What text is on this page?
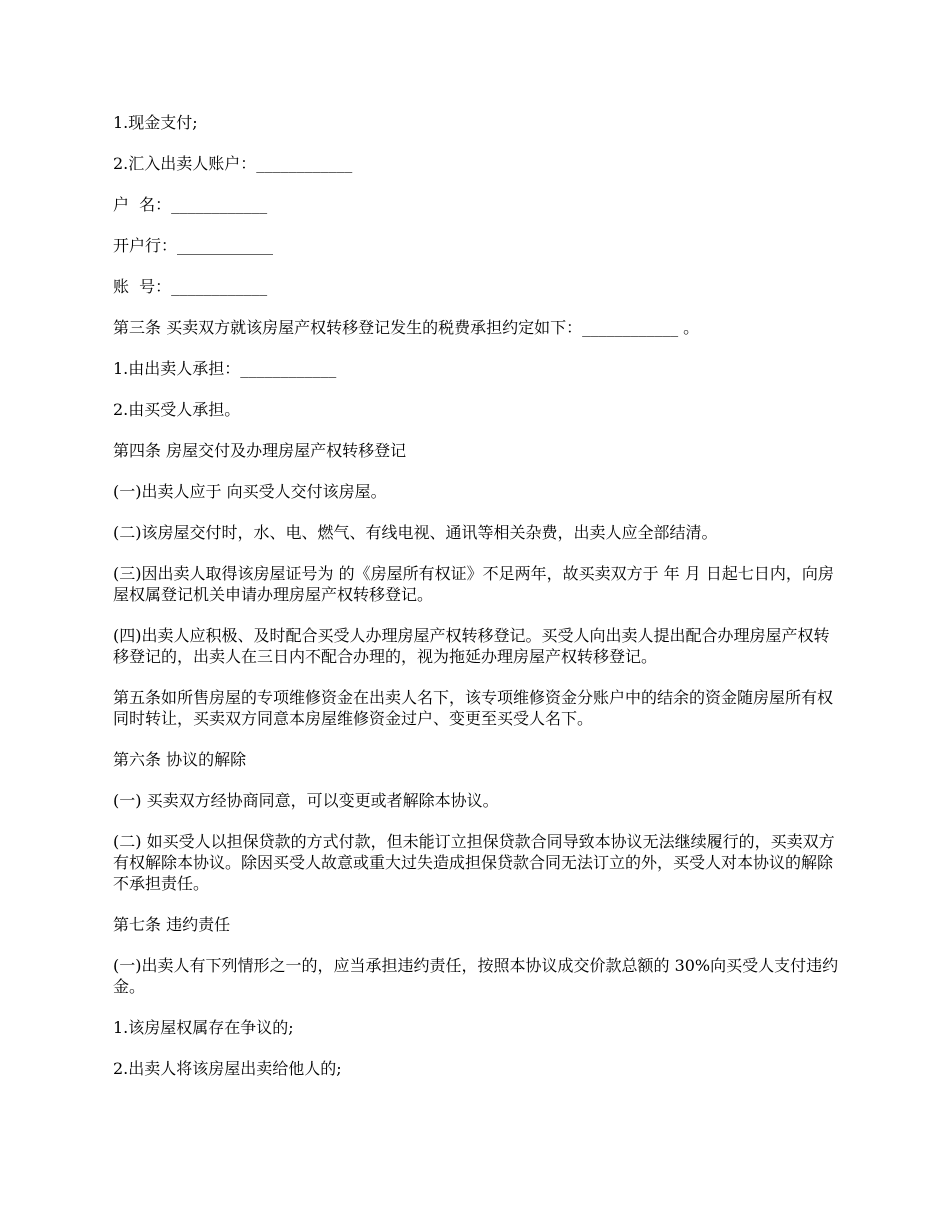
1.现金支付;

2.汇入出卖人账户：____________

户  名：____________

开户行：____________

账  号：____________

第三条 买卖双方就该房屋产权转移登记发生的税费承担约定如下：____________ 。

1.由出卖人承担：____________

2.由买受人承担。

第四条 房屋交付及办理房屋产权转移登记

(一)出卖人应于 向买受人交付该房屋。

(二)该房屋交付时，水、电、燃气、有线电视、通讯等相关杂费，出卖人应全部结清。

(三)因出卖人取得该房屋证号为 的《房屋所有权证》不足两年，故买卖双方于 年 月 日起七日内，向房屋权属登记机关申请办理房屋产权转移登记。

(四)出卖人应积极、及时配合买受人办理房屋产权转移登记。买受人向出卖人提出配合办理房屋产权转移登记的，出卖人在三日内不配合办理的，视为拖延办理房屋产权转移登记。

第五条如所售房屋的专项维修资金在出卖人名下，该专项维修资金分账户中的结余的资金随房屋所有权同时转让，买卖双方同意本房屋维修资金过户、变更至买受人名下。

第六条 协议的解除

(一) 买卖双方经协商同意，可以变更或者解除本协议。

(二) 如买受人以担保贷款的方式付款，但未能订立担保贷款合同导致本协议无法继续履行的，买卖双方有权解除本协议。除因买受人故意或重大过失造成担保贷款合同无法订立的外，买受人对本协议的解除不承担责任。

第七条 违约责任

(一)出卖人有下列情形之一的，应当承担违约责任，按照本协议成交价款总额的 30%向买受人支付违约金。

1.该房屋权属存在争议的;

2.出卖人将该房屋出卖给他人的;
